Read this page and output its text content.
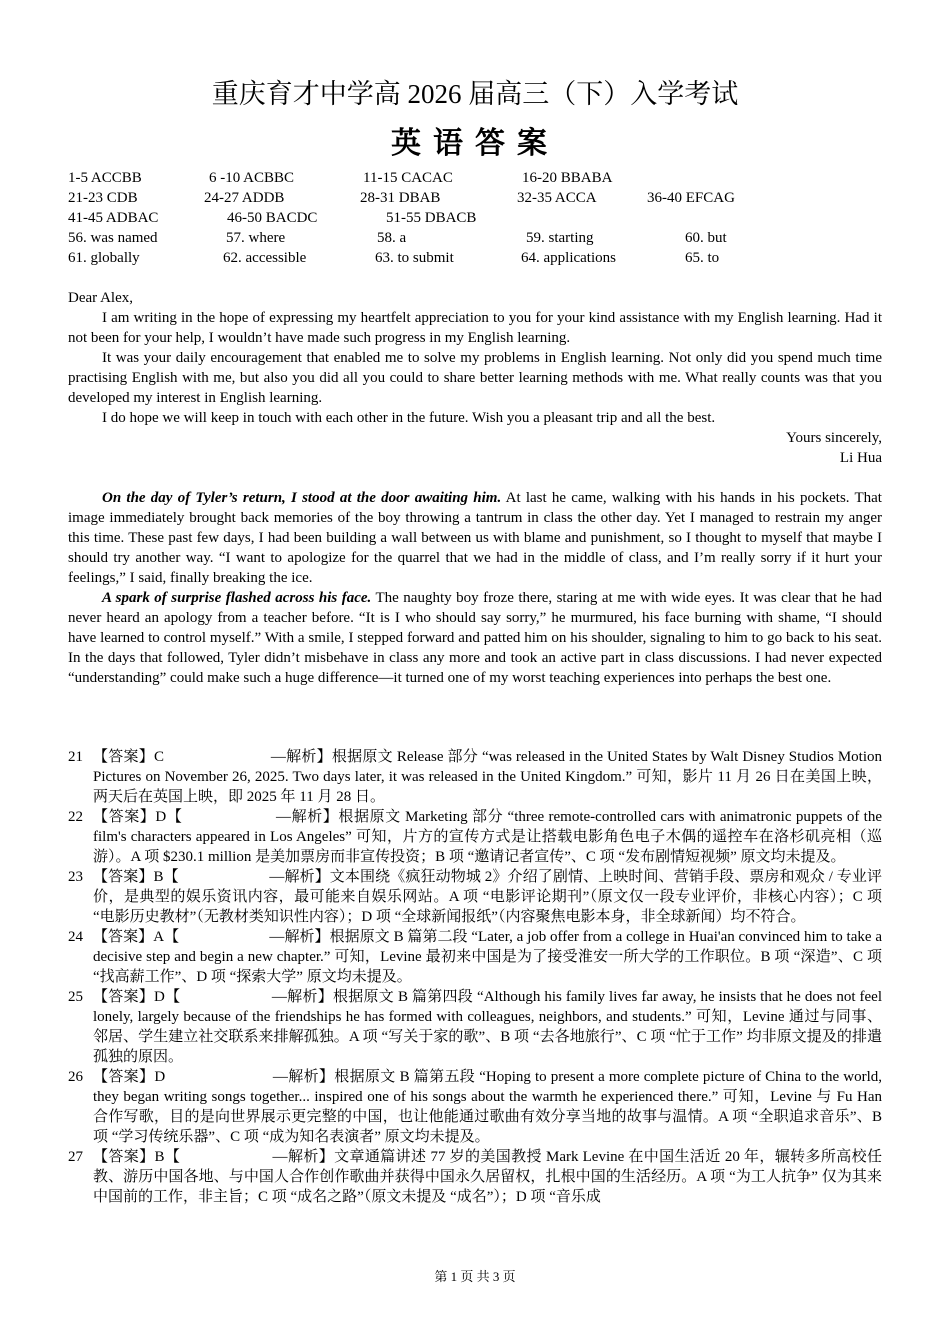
重庆育才中学高 2026 届高三（下）入学考试
英语答案
1-5 ACCBB	6 -10 ACBBC	11-15 CACAC	16-20 BBABA
21-23 CDB	24-27 ADDB	28-31 DBAB	32-35 ACCA	36-40 EFCAG
41-45 ADBAC	46-50 BACDC	51-55 DBACB
56. was named	57. where	58. a	59. starting	60. but
61. globally	62. accessible	63. to submit	64. applications	65. to

Dear Alex,

I am writing in the hope of expressing my heartfelt appreciation to you for your kind assistance with my English learning. Had it not been for your help, I wouldn’t have made such progress in my English learning.

It was your daily encouragement that enabled me to solve my problems in English learning. Not only did you spend much time practising English with me, but also you did all you could to share better learning methods with me. What really counts was that you developed my interest in English learning.

I do hope we will keep in touch with each other in the future. Wish you a pleasant trip and all the best.

Yours sincerely,

Li Hua

On the day of Tyler’s return, I stood at the door awaiting him. At last he came, walking with his hands in his pockets. That image immediately brought back memories of the boy throwing a tantrum in class the other day. Yet I managed to restrain my anger this time. These past few days, I had been building a wall between us with blame and punishment, so I thought to myself that maybe I should try another way. “I want to apologize for the quarrel that we had in the middle of class, and I’m really sorry if it hurt your feelings,” I said, finally breaking the ice.

A spark of surprise flashed across his face. The naughty boy froze there, staring at me with wide eyes. It was clear that he had never heard an apology from a teacher before. “It is I who should say sorry,” he murmured, his face burning with shame, “I should have learned to control myself.” With a smile, I stepped forward and patted him on his shoulder, signaling to him to go back to his seat. In the days that followed, Tyler didn’t misbehave in class any more and took an active part in class discussions. I had never expected “understanding” could make such a huge difference—it turned one of my worst teaching experiences into perhaps the best one.

21 【答案】C　　　　　　　—解析】根据原文 Release 部分 “was released in the United States by Walt Disney Studios Motion Pictures on November 26, 2025. Two days later, it was released in the United Kingdom.” 可知，影片 11 月 26 日在美国上映，两天后在英国上映，即 2025 年 11 月 28 日。
22 【答案】D【　　　　　　—解析】根据原文 Marketing 部分 “three remote-controlled cars with animatronic puppets of the film's characters appeared in Los Angeles” 可知，片方的宣传方式是让搭载电影角色电子木偶的遥控车在洛杉矶亮相（巡游）。A 项 $230.1 million 是美加票房而非宣传投资；B 项 “邀请记者宣传”、C 项 “发布剧情短视频” 原文均未提及。
23 【答案】B【　　　　　　—解析】文本围绕《疯狂动物城 2》介绍了剧情、上映时间、营销手段、票房和观众 / 专业评价，是典型的娱乐资讯内容，最可能来自娱乐网站。A 项 “电影评论期刊”（原文仅一段专业评价，非核心内容）；C 项 “电影历史教材”（无教材类知识性内容）；D 项 “全球新闻报纸”（内容聚焦电影本身，非全球新闻）均不符合。
24 【答案】A【　　　　　　—解析】根据原文 B 篇第二段 “Later, a job offer from a college in Huai'an convinced him to take a decisive step and begin a new chapter.” 可知，Levine 最初来中国是为了接受淮安一所大学的工作职位。B 项 “深造”、C 项 “找高薪工作”、D 项 “探索大学” 原文均未提及。
25 【答案】D【　　　　　　—解析】根据原文 B 篇第四段 “Although his family lives far away, he insists that he does not feel lonely, largely because of the friendships he has formed with colleagues, neighbors, and students.” 可知，Levine 通过与同事、邻居、学生建立社交联系来排解孤独。A 项 “写关于家的歌”、B 项 “去各地旅行”、C 项 “忙于工作” 均非原文提及的排遣孤独的原因。
26 【答案】D　　　　　　　—解析】根据原文 B 篇第五段 “Hoping to present a more complete picture of China to the world, they began writing songs together... inspired one of his songs about the warmth he experienced there.” 可知，Levine 与 Fu Han 合作写歌，目的是向世界展示更完整的中国，也让他能通过歌曲有效分享当地的故事与温情。A 项 “全职追求音乐”、B 项 “学习传统乐器”、C 项 “成为知名表演者” 原文均未提及。
27 【答案】B【　　　　　　—解析】文章通篇讲述 77 岁的美国教授 Mark Levine 在中国生活近 20 年，辗转多所高校任教、游历中国各地、与中国人合作创作歌曲并获得中国永久居留权，扎根中国的生活经历。A 项 “为工人抗争” 仅为其来中国前的工作，非主旨；C 项 “成名之路”（原文未提及 “成名”）；D 项 “音乐成
第 1 页 共 3 页
